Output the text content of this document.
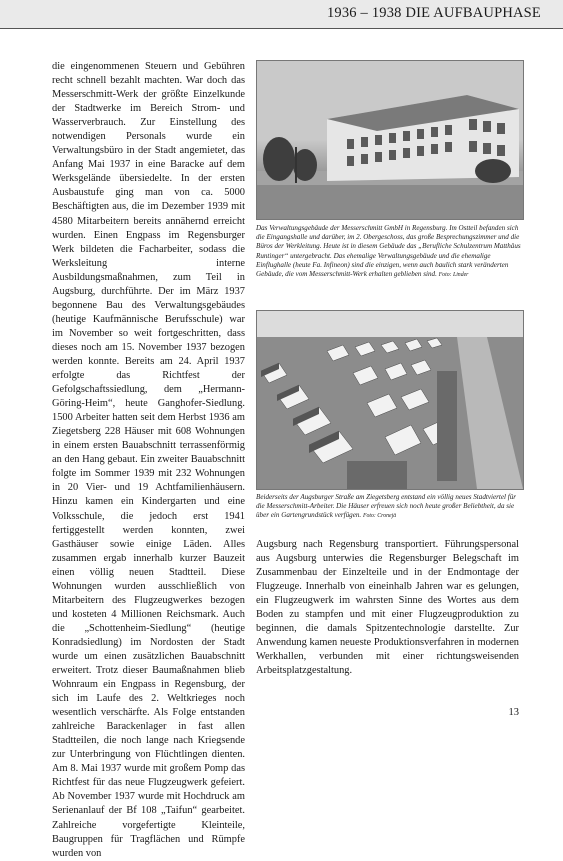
1936 – 1938 DIE AUFBAUPHASE

die eingenommenen Steuern und Gebühren recht schnell bezahlt machten. War doch das Messerschmitt-Werk der größte Einzelkunde der Stadtwerke im Bereich Strom- und Wasserverbrauch. Zur Einstellung des notwendigen Personals wurde ein Verwaltungsbüro in der Stadt angemietet, das Anfang Mai 1937 in eine Baracke auf dem Werksgelände übersiedelte. In der ersten Ausbaustufe ging man von ca. 5000 Beschäftigten aus, die im Dezember 1939 mit 4580 Mitarbeitern bereits annähernd erreicht wurden. Einen Engpass im Regensburger Werk bildeten die Facharbeiter, sodass die Werksleitung interne Ausbildungsmaßnahmen, zum Teil in Augsburg, durchführte. Der im März 1937 begonnene Bau des Verwaltungsgebäudes (heutige Kaufmännische Berufsschule) war im November so weit fortgeschritten, dass dieses noch am 15. November 1937 bezogen werden konnte. Bereits am 24. April 1937 erfolgte das Richtfest der Gefolgschaftssiedlung, dem „Hermann-Göring-Heim“, heute Ganghofer-Siedlung. 1500 Arbeiter hatten seit dem Herbst 1936 am Ziegetsberg 228 Häuser mit 608 Wohnungen in einem ersten Bauabschnitt terrassenförmig an den Hang gebaut. Ein zweiter Bauabschnitt folgte im Sommer 1939 mit 232 Wohnungen in 20 Vier- und 19 Achtfamilienhäusern. Hinzu kamen ein Kindergarten und eine Volksschule, die jedoch erst 1941 fertiggestellt werden konnten, zwei Gasthäuser sowie einige Läden. Alles zusammen ergab innerhalb kurzer Bauzeit einen völlig neuen Stadtteil. Diese Wohnungen wurden ausschließlich von Mitarbeitern des Flugzeugwerkes bezogen und kosteten 4 Millionen Reichsmark. Auch die „Schottenheim-Siedlung“ (heutige Konradsiedlung) im Nordosten der Stadt wurde um einen zusätzlichen Bauabschnitt erweitert. Trotz dieser Baumaßnahmen blieb Wohnraum ein Engpass in Regensburg, der sich im Laufe des 2. Weltkrieges noch wesentlich verschärfte. Als Folge entstanden zahlreiche Barackenlager in fast allen Stadtteilen, die noch lange nach Kriegsende zur Unterbringung von Flüchtlingen dienten. Am 8. Mai 1937 wurde mit großem Pomp das Richtfest für das neue Flugzeugwerk gefeiert. Ab November 1937 wurde mit Hochdruck am Serienanlauf der Bf 108 „Taifun“ gearbeitet. Zahlreiche vorgefertigte Kleinteile, Baugruppen für Tragflächen und Rümpfe wurden von

Das Verwaltungsgebäude der Messerschmitt GmbH in Regensburg. Im Ostteil befanden sich die Eingangshalle und darüber, im 2. Obergeschoss, das große Besprechungszimmer und die Büros der Werkleitung. Heute ist in diesem Gebäude das „Berufliche Schulzentrum Matthäus Runtinger“ untergebracht. Das ehemalige Verwaltungsgebäude und die ehemalige Einflughalle (heute Fa. Infineon) sind die einzigen, wenn auch baulich stark veränderten Gebäude, die vom Messerschmitt-Werk erhalten geblieben sind. Foto: Linder
Beiderseits der Augsburger Straße am Ziegetsberg entstand ein völlig neues Stadtviertel für die Messerschmitt-Arbeiter. Die Häuser erfreuen sich noch heute großer Beliebtheit, da sie über ein Gartengrundstück verfügen. Foto: Cronejä
Augsburg nach Regensburg transportiert. Führungspersonal aus Augsburg unterwies die Regensburger Belegschaft im Zusammenbau der Einzelteile und in der Endmontage der Flugzeuge. Innerhalb von eineinhalb Jahren war es gelungen, ein Flugzeugwerk im wahrsten Sinne des Wortes aus dem Boden zu stampfen und mit einer Flugzeugproduktion zu beginnen, die damals Spitzentechnologie darstellte. Zur Anwendung kamen neueste Produktionsverfahren in modernen Werkhallen, verbunden mit einer richtungsweisenden Arbeitsplatzgestaltung.
13
